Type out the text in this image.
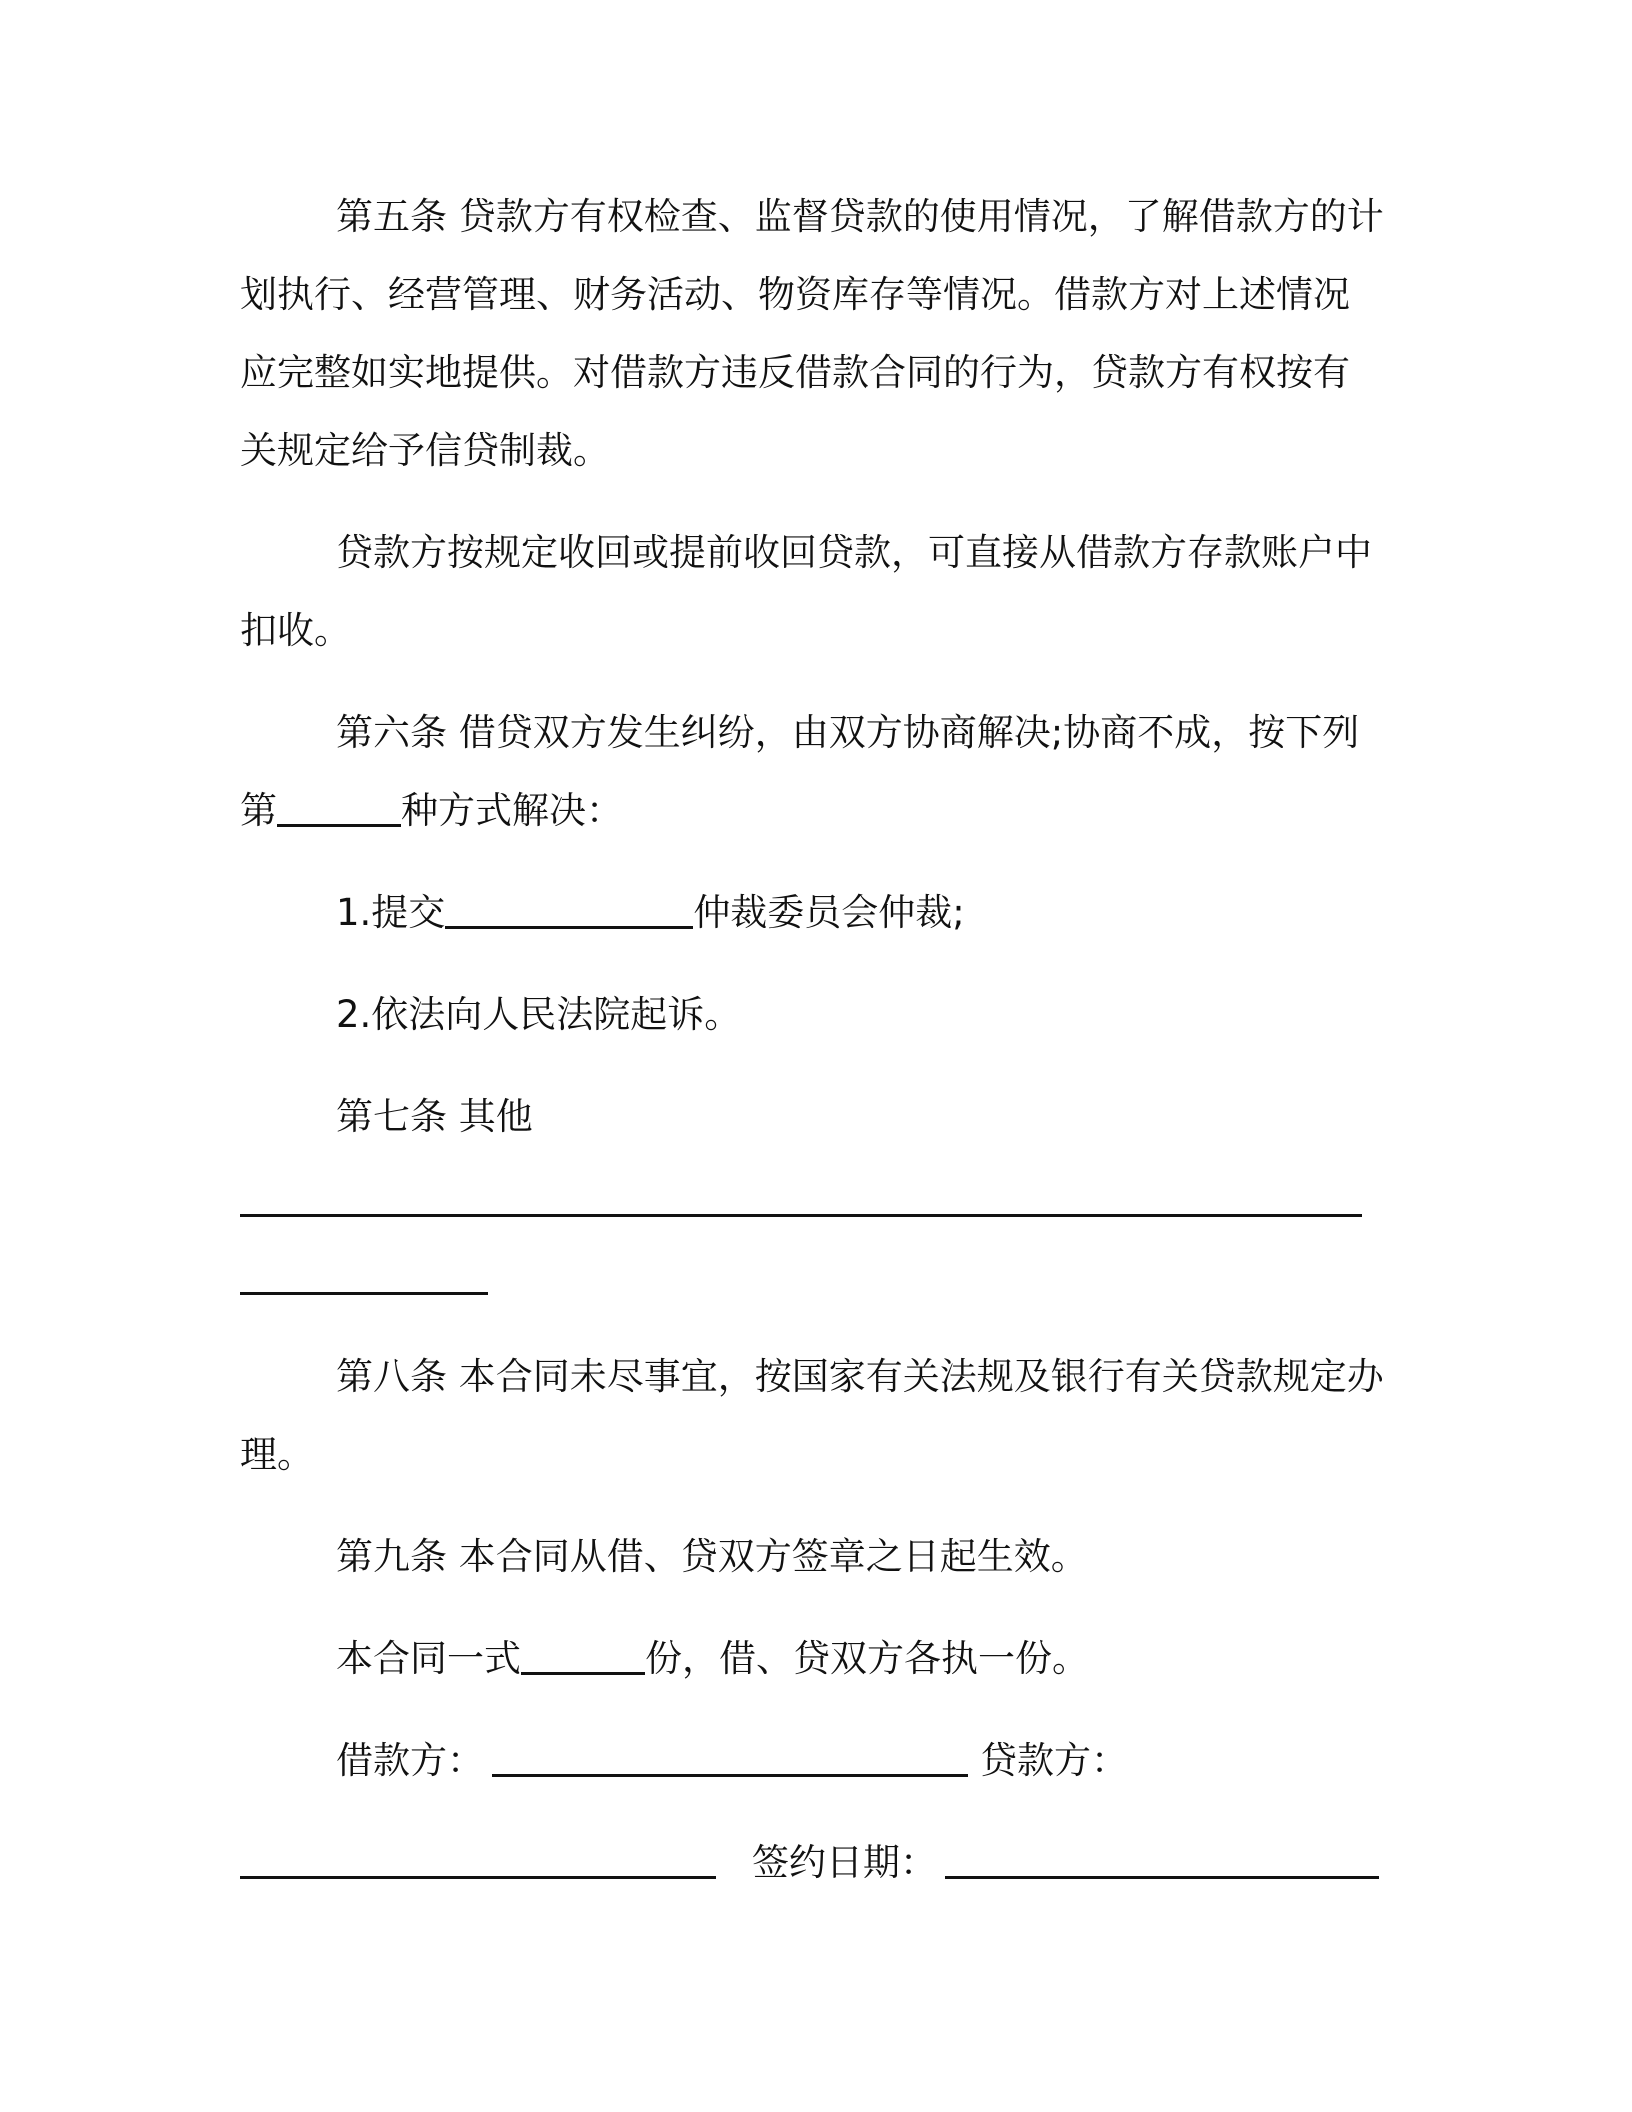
第五条 贷款方有权检查、监督贷款的使用情况，了解借款方的计
划执行、经营管理、财务活动、物资库存等情况。借款方对上述情况
应完整如实地提供。对借款方违反借款合同的行为，贷款方有权按有
关规定给予信贷制裁。
贷款方按规定收回或提前收回贷款，可直接从借款方存款账户中
扣收。
第六条 借贷双方发生纠纷，由双方协商解决;协商不成，按下列
第	种方式解决：
1.提交	仲裁委员会仲裁;
2.依法向人民法院起诉。
第七条 其他
第八条 本合同未尽事宜，按国家有关法规及银行有关贷款规定办
理。
第九条 本合同从借、贷双方签章之日起生效。
本合同一式	份，借、贷双方各执一份。
借款方：	贷款方：
签约日期：
